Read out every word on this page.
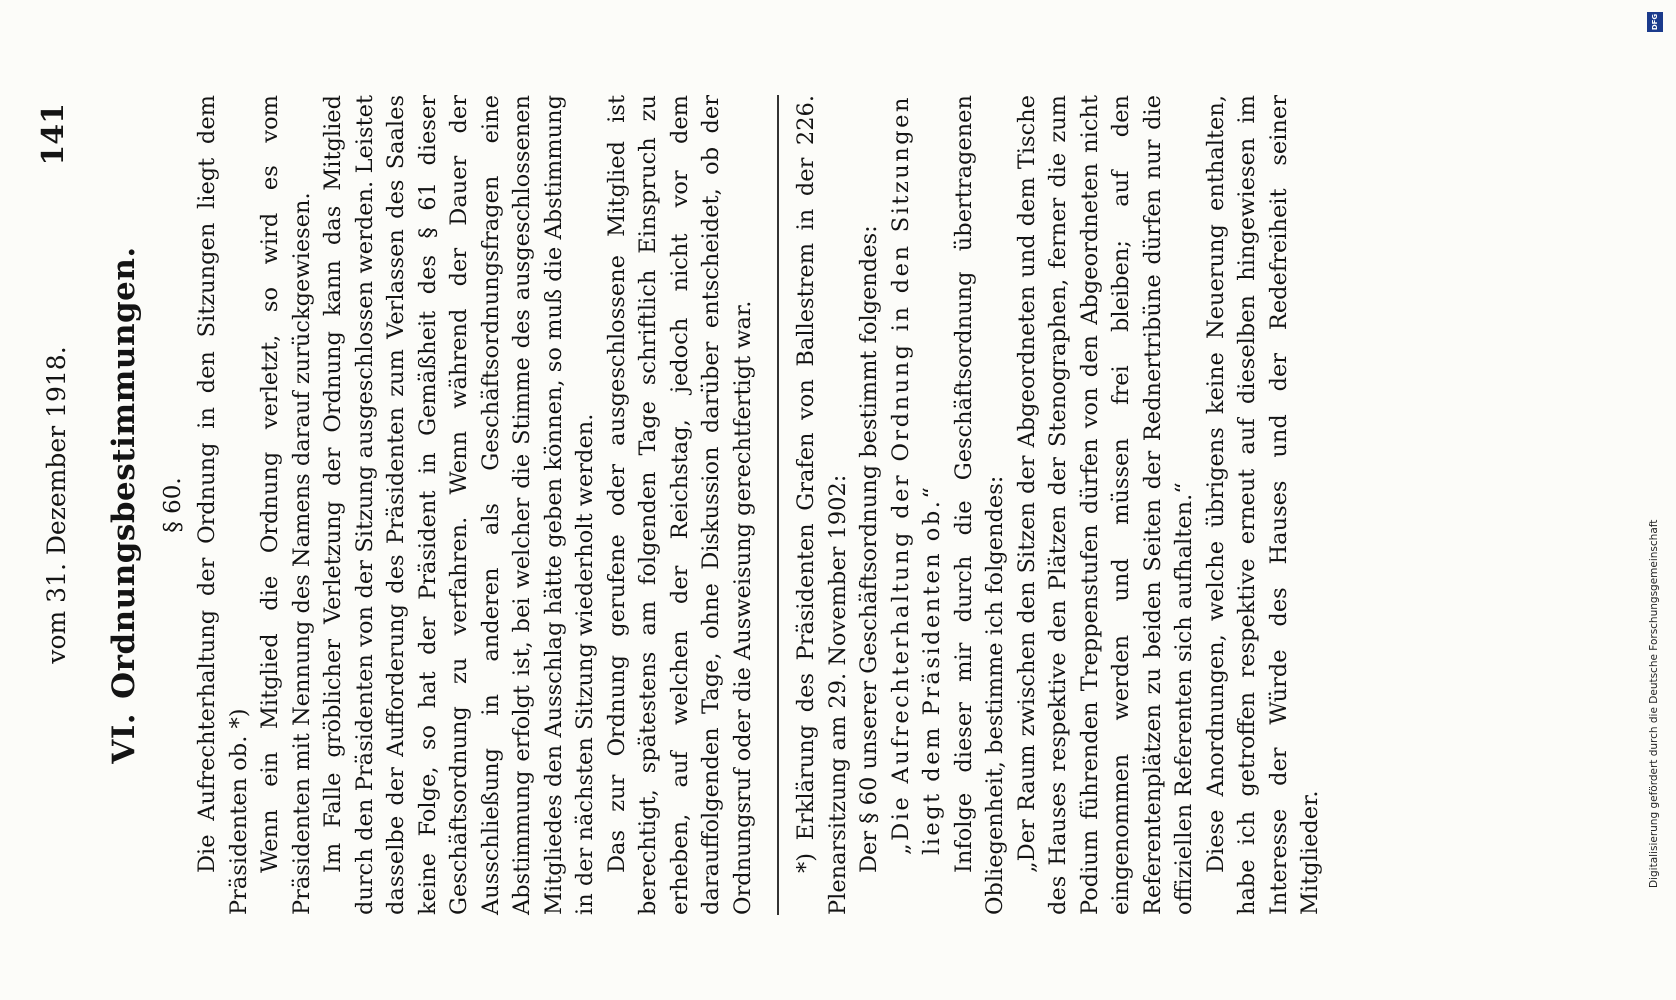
vom 31. Dezember 1918.
141
VI.Ordnungsbestimmungen. § 60. Die Aufrechterhaltung der Ordnung in den Sitzungen liegt dem Präsidenten ob. *) Wenn ein Mitglied die Ordnung verletzt, so wird es vom Präsidenten mit Nennung des Namens darauf zurückgewiesen. Im Falle gröblicher Verletzung der Ordnung kann das Mitglied durch den Präsidenten von der Sitzung ausgeschlossen werden. Leistet dasselbe der Aufforderung des Präsidenten zum Verlassen des Saales keine Folge, so hat der Präsident in Gemäßheit des § 61 dieser Geschäftsordnung zu verfahren. Wenn während der Dauer der Ausschließung in anderen als Geschäftsordnungsfragen eine Abstimmung erfolgt ist, bei welcher die Stimme des ausgeschlossenen Mitgliedes den Ausschlag hätte geben können, so muß die Abstimmung in der nächsten Sitzung wiederholt werden. Das zur Ordnung gerufene oder ausgeschlossene Mitglied ist berechtigt, spätestens am folgenden Tage schriftlich Einspruch zu erheben, auf welchen der Reichstag, jedoch nicht vor dem darauffolgenden Tage, ohne Diskussion darüber entscheidet, ob der Ordnungsruf oder die Ausweisung gerechtfertigt war. *) Erklärung des Präsidenten Grafen von Ballestrem in der 226. Plenarsitzung am 29. November 1902: Der § 60 unserer Geschäftsordnung bestimmt folgendes: „Die Aufrechterhaltung der Ordnung in den Sitzungen liegt dem Präsidenten ob.“ Infolge dieser mir durch die Geschäftsordnung übertragenen Obliegenheit, bestimme ich folgendes: „Der Raum zwischen den Sitzen der Abgeordneten und dem Tische des Hauses respektive den Plätzen der Stenographen, ferner die zum Podium führenden Treppenstufen dürfen von den Abgeordneten nicht eingenommen werden und müssen frei bleiben; auf den Referentenplätzen zu beiden Seiten der Rednertribüne dürfen nur die offiziellen Referenten sich aufhalten.“ Diese Anordnungen, welche übrigens keine Neuerung enthalten, habe ich getroffen respektive erneut auf dieselben hingewiesen im Interesse der Würde des Hauses und der Redefreiheit seiner Mitglieder.

DFG
Digitalisierung gefördert durch die Deutsche Forschungsgemeinschaft
